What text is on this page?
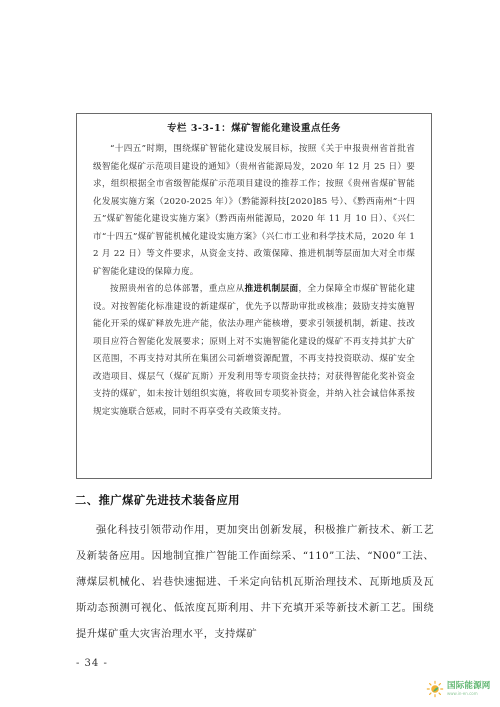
专栏 3-3-1：煤矿智能化建设重点任务

“十四五”时期，围绕煤矿智能化建设发展目标，按照《关于申报贵州省首批省级智能化煤矿示范项目建设的通知》（贵州省能源局发，2020 年 12 月 25 日）要求，组织根据全市省级智能煤矿示范项目建设的推荐工作；按照《贵州省煤矿智能化发展实施方案（2020-2025 年）》（黔能源科技[2020]85 号）、《黔西南州“十四五”煤矿智能化建设实施方案》（黔西南州能源局，2020 年 11 月 10 日）、《兴仁市“十四五”煤矿智能机械化建设实施方案》（兴仁市工业和科学技术局，2020 年 12 月 22 日）等文件要求，从资金支持、政策保障、推进机制等层面加大对全市煤矿智能化建设的保障力度。

按照贵州省的总体部署，重点应从推进机制层面，全力保障全市煤矿智能化建设。对按智能化标准建设的新建煤矿，优先予以帮助审批或核准；鼓励支持实施智能化开采的煤矿释放先进产能，依法办理产能核增，要求引领援机制，新建、技改项目应符合智能化发展要求；原则上对不实施智能化建设的煤矿不再支持其扩大矿区范围，不再支持对其所在集团公司新增资源配置，不再支持投资联动、煤矿安全改造项目、煤层气（煤矿瓦斯）开发利用等专项资金扶持；对获得智能化奖补资金支持的煤矿，如未按计划组织实施，将收回专项奖补资金，并纳入社会诚信体系按规定实施联合惩戒，同时不再享受有关政策支持。

二、推广煤矿先进技术装备应用

强化科技引领带动作用，更加突出创新发展，积极推广新技术、新工艺及新装备应用。因地制宜推广智能工作面综采、“110”工法、“N00”工法、薄煤层机械化、岩巷快速掘进、千米定向钻机瓦斯治理技术、瓦斯地质及瓦斯动态预测可视化、低浓度瓦斯利用、井下充填开采等新技术新工艺。围绕提升煤矿重大灾害治理水平，支持煤矿

- 34 -
国际能源网
www.in-en.com
